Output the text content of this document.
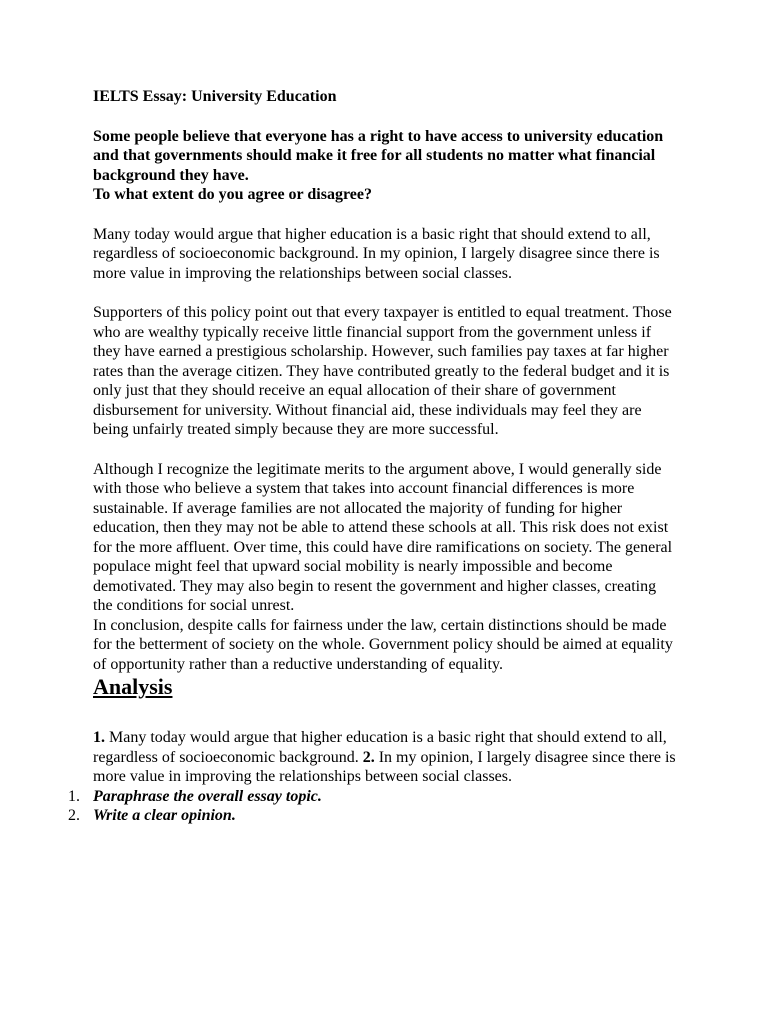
IELTS Essay: University Education
Some people believe that everyone has a right to have access to university education and that governments should make it free for all students no matter what financial background they have.
To what extent do you agree or disagree?

Many today would argue that higher education is a basic right that should extend to all, regardless of socioeconomic background. In my opinion, I largely disagree since there is more value in improving the relationships between social classes.

Supporters of this policy point out that every taxpayer is entitled to equal treatment. Those who are wealthy typically receive little financial support from the government unless if they have earned a prestigious scholarship. However, such families pay taxes at far higher rates than the average citizen. They have contributed greatly to the federal budget and it is only just that they should receive an equal allocation of their share of government disbursement for university. Without financial aid, these individuals may feel they are being unfairly treated simply because they are more successful.

Although I recognize the legitimate merits to the argument above, I would generally side with those who believe a system that takes into account financial differences is more sustainable. If average families are not allocated the majority of funding for higher education, then they may not be able to attend these schools at all. This risk does not exist for the more affluent. Over time, this could have dire ramifications on society. The general populace might feel that upward social mobility is nearly impossible and become demotivated. They may also begin to resent the government and higher classes, creating the conditions for social unrest.

In conclusion, despite calls for fairness under the law, certain distinctions should be made for the betterment of society on the whole. Government policy should be aimed at equality of opportunity rather than a reductive understanding of equality.

Analysis

1. Many today would argue that higher education is a basic right that should extend to all, regardless of socioeconomic background. 2. In my opinion, I largely disagree since there is more value in improving the relationships between social classes.

1. Paraphrase the overall essay topic.
2. Write a clear opinion.
